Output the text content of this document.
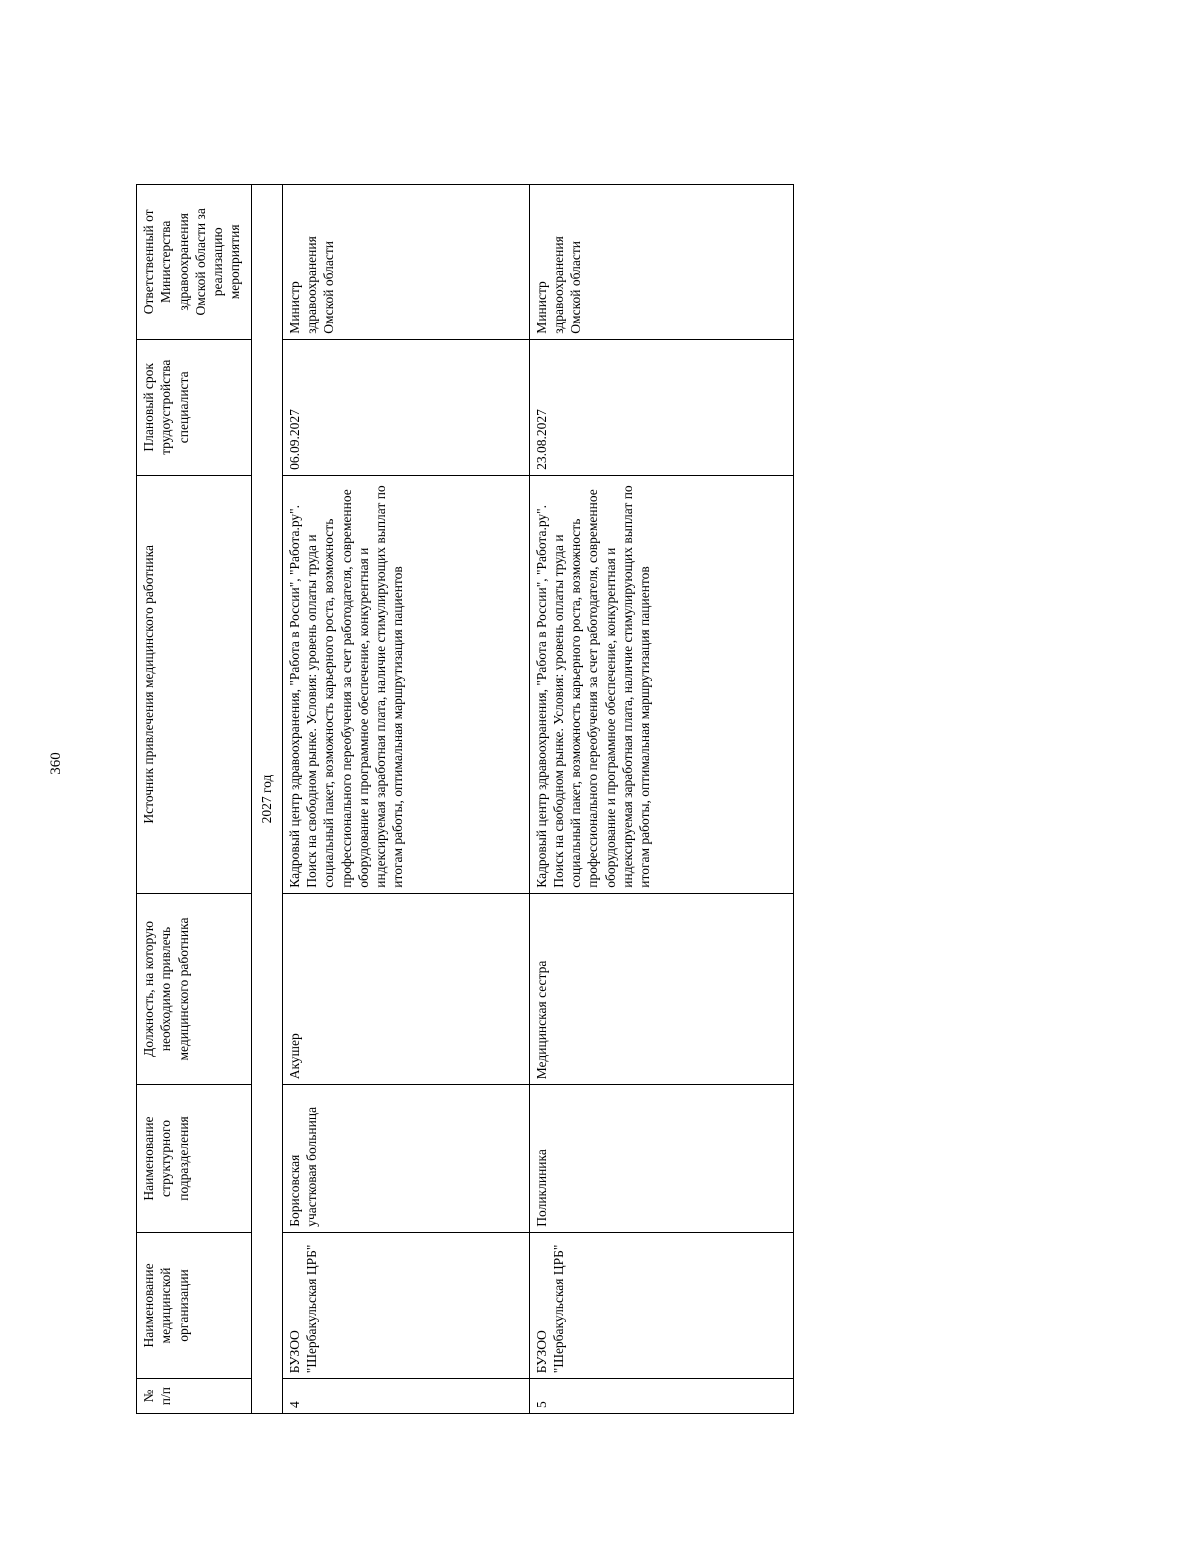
360
№ п/п	Наименование медицинской организации	Наименование структурного подразделения	Должность, на которую необходимо привлечь медицинского работника	Источник привлечения медицинского работника	Плановый срок трудоустройства специалиста	Ответственный от Министерства здравоохранения Омской области за реализацию мероприятия
2027 год						
4	БУЗОО "Шербакульская ЦРБ"	Борисовская участковая больница	Акушер	Кадровый центр здравоохранения, "Работа в России", "Работа.ру". Поиск на свободном рынке. Условия: уровень оплаты труда и социальный пакет, возможность карьерного роста, возможность профессионального переобучения за счет работодателя, современное оборудование и программное обеспечение, конкурентная и индексируемая заработная плата, наличие стимулирующих выплат по итогам работы, оптимальная маршрутизация пациентов	06.09.2027	Министр здравоохранения Омской области
5	БУЗОО "Шербакульская ЦРБ"	Поликлиника	Медицинская сестра	Кадровый центр здравоохранения, "Работа в России", "Работа.ру". Поиск на свободном рынке. Условия: уровень оплаты труда и социальный пакет, возможность карьерного роста, возможность профессионального переобучения за счет работодателя, современное оборудование и программное обеспечение, конкурентная и индексируемая заработная плата, наличие стимулирующих выплат по итогам работы, оптимальная маршрутизация пациентов	23.08.2027	Министр здравоохранения Омской области
